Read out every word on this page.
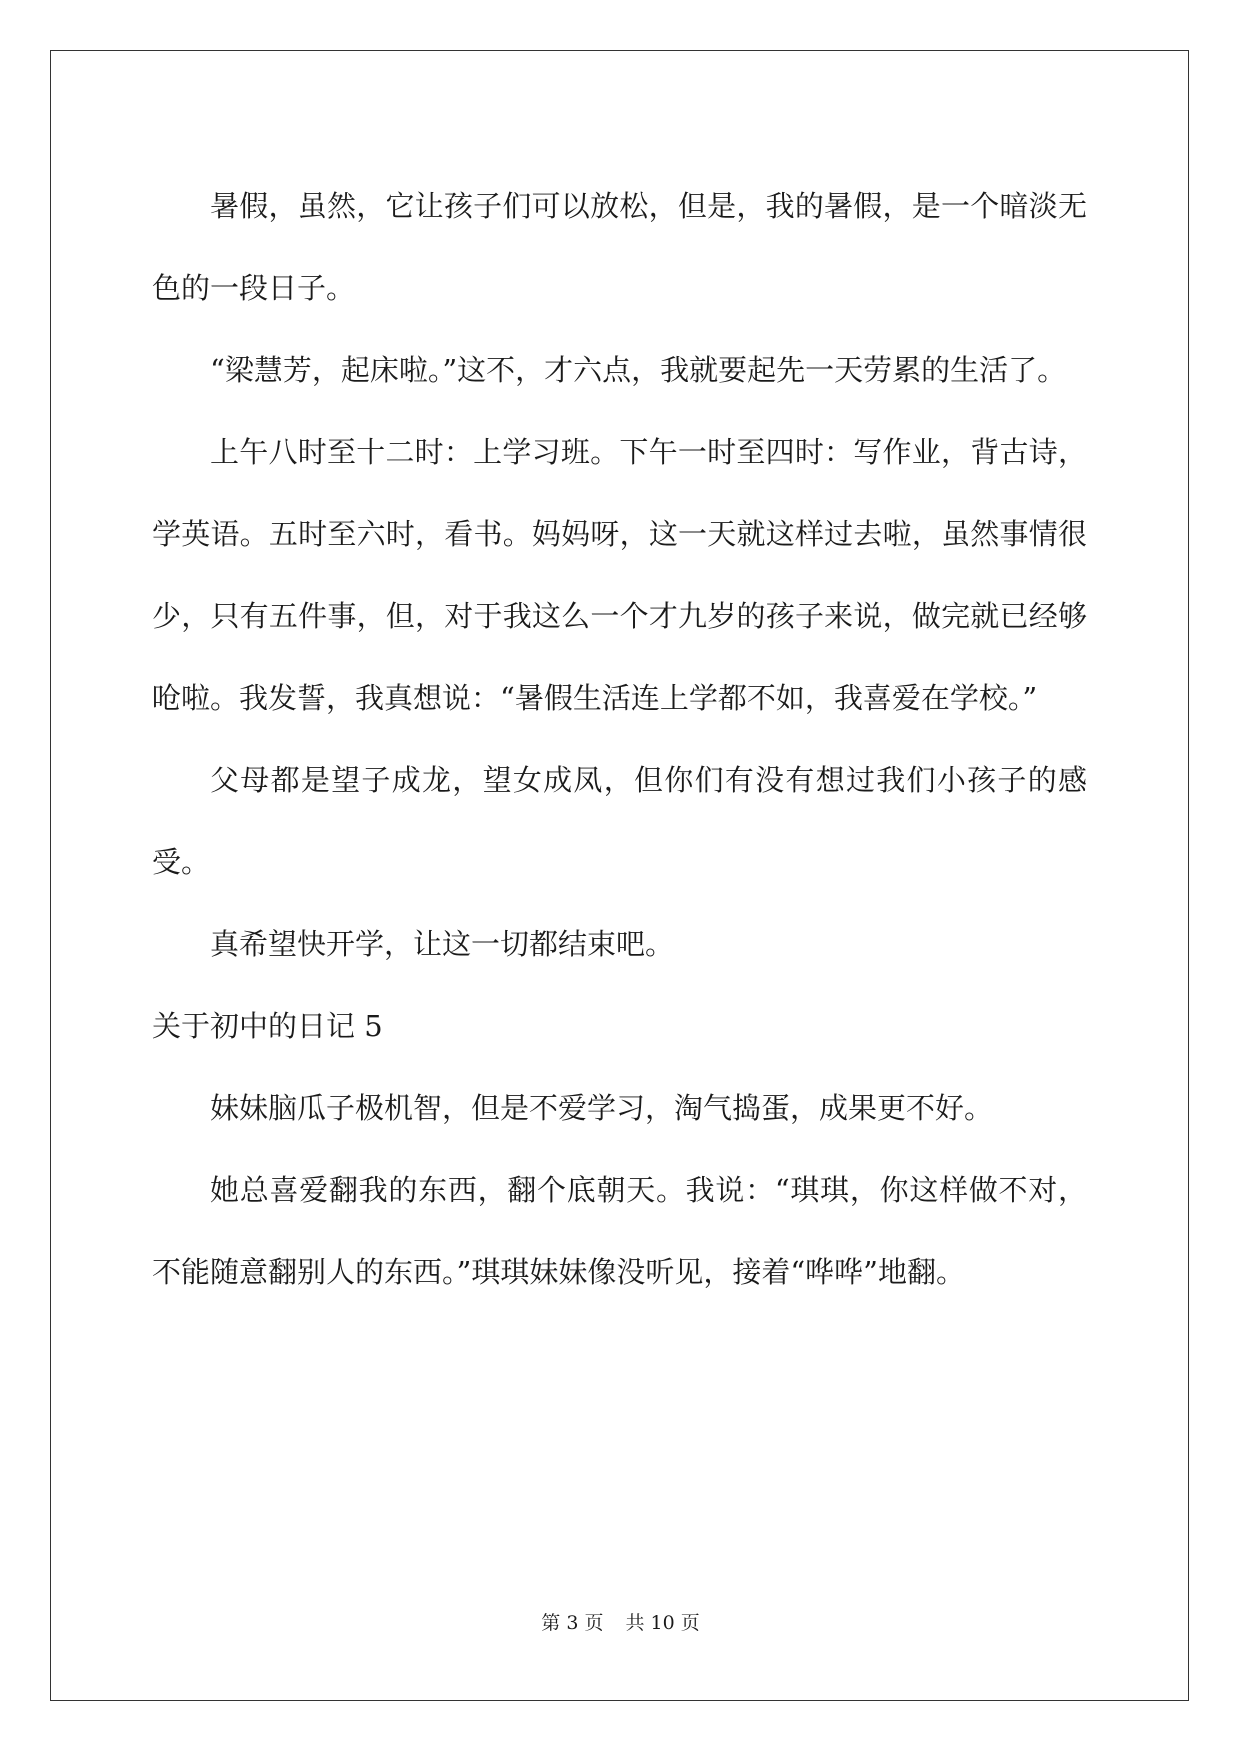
暑假，虽然，它让孩子们可以放松，但是，我的暑假，是一个暗淡无色的一段日子。

“梁慧芳，起床啦。”这不，才六点，我就要起先一天劳累的生活了。

上午八时至十二时：上学习班。下午一时至四时：写作业，背古诗，学英语。五时至六时，看书。妈妈呀，这一天就这样过去啦，虽然事情很少，只有五件事，但，对于我这么一个才九岁的孩子来说，做完就已经够呛啦。我发誓，我真想说：“暑假生活连上学都不如，我喜爱在学校。”

父母都是望子成龙，望女成凤，但你们有没有想过我们小孩子的感受。

真希望快开学，让这一切都结束吧。

关于初中的日记 5

妹妹脑瓜子极机智，但是不爱学习，淘气捣蛋，成果更不好。

她总喜爱翻我的东西，翻个底朝天。我说：“琪琪，你这样做不对，不能随意翻别人的东西。”琪琪妹妹像没听见，接着“哗哗”地翻。

第 3 页 共 10 页
